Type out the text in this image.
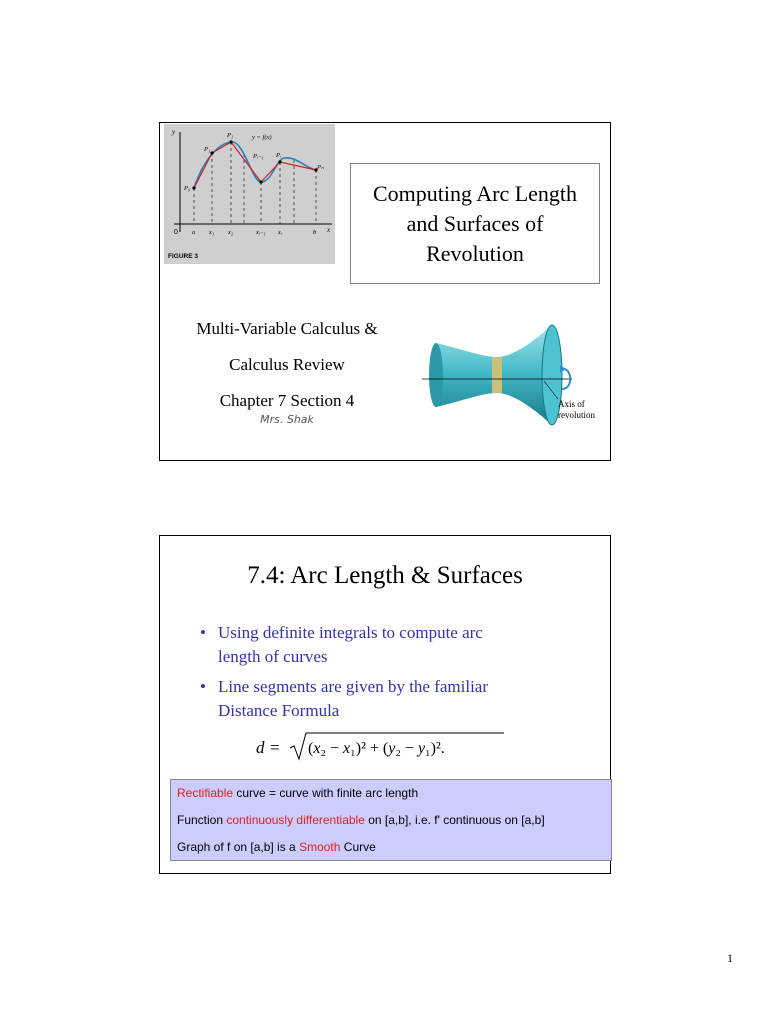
y
x
0
P₀
P₁
P₂
Pᵢ₋₁ Pᵢ
Pₙ
y = f(x)
a x₁ x₂	xᵢ₋₁ xᵢ	b
FIGURE 3
Computing Arc Length
and Surfaces of
Revolution
Multi-Variable Calculus &
Calculus Review
Chapter 7 Section 4
Mrs. Shak
Axis of
revolution
7.4: Arc Length & Surfaces
• Using definite integrals to compute arc
length of curves
• Line segments are given by the familiar
Distance Formula
d = (x₂ − x₁)² + (y₂ − y₁)².
Rectifiable curve = curve with finite arc length
Function continuously differentiable on [a,b], i.e. f' continuous on [a,b]
Graph of f on [a,b] is a Smooth Curve
1
